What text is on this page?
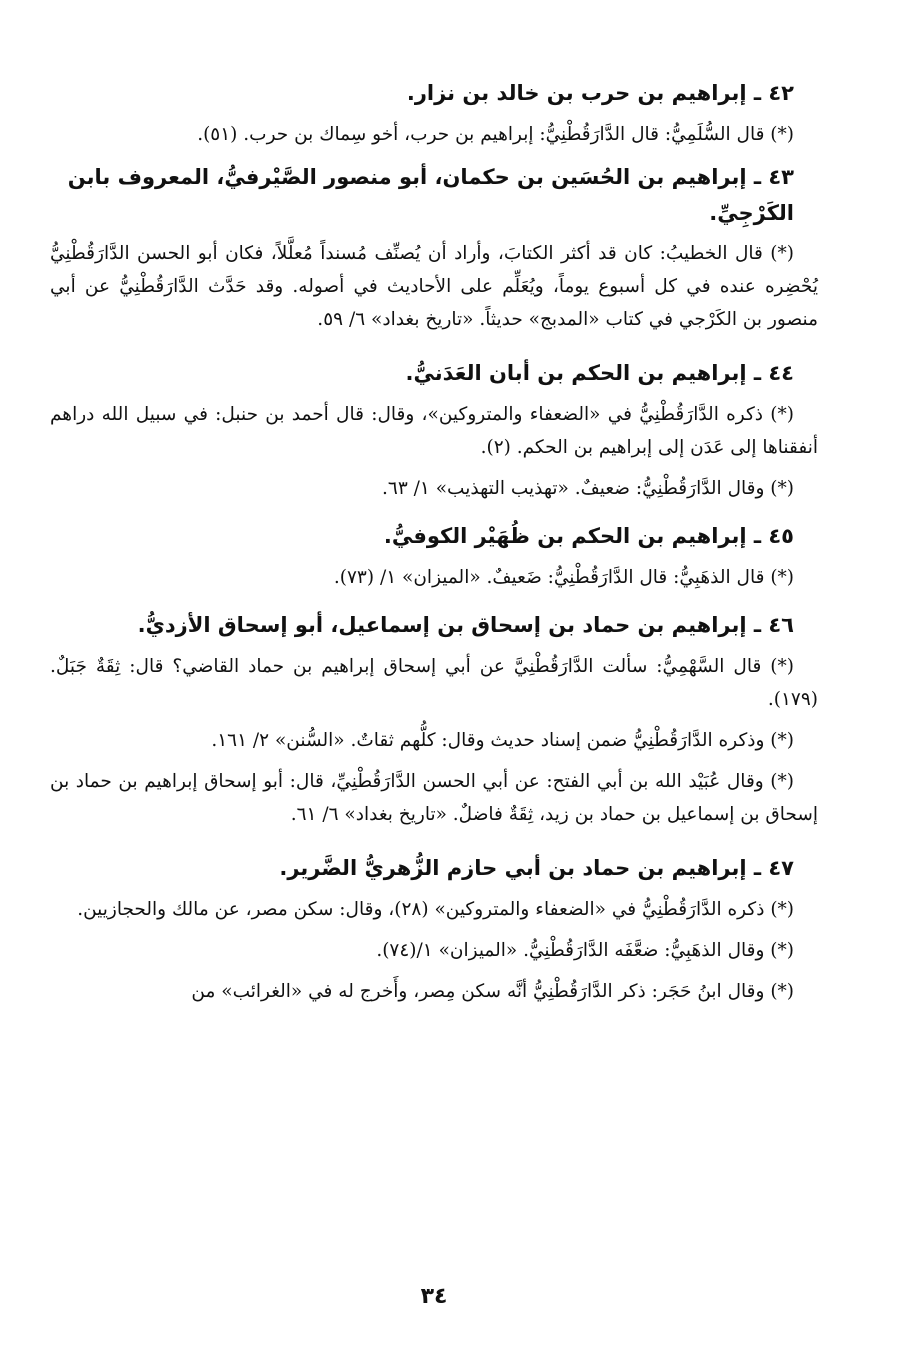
٤٢ ـ إبراهيم بن حرب بن خالد بن نزار.

(*) قال السُّلَمِيُّ: قال الدَّارَقُطْنِيُّ: إبراهيم بن حرب، أخو سِماك بن حرب. (٥١).

٤٣ ـ إبراهيم بن الحُسَين بن حكمان، أبو منصور الصَّيْرفيُّ، المعروف بابن الكَرْجِيِّ.

(*) قال الخطيبُ: كان قد أكثر الكتابَ، وأراد أن يُصنِّف مُسنداً مُعلَّلاً، فكان أبو الحسن الدَّارَقُطْنِيُّ يُحْضِره عنده في كل أسبوع يوماً، ويُعَلِّم على الأحاديث في أصوله. وقد حَدَّث الدَّارَقُطْنِيُّ عن أبي منصور بن الكَرْجي في كتاب «المدبج» حديثاً. «تاريخ بغداد» ٦/ ٥٩.

٤٤ ـ إبراهيم بن الحكم بن أبان العَدَنيُّ.

(*) ذكره الدَّارَقُطْنِيُّ في «الضعفاء والمتروكين»، وقال: قال أحمد بن حنبل: في سبيل الله دراهم أنفقناها إلى عَدَن إلى إبراهيم بن الحكم. (٢).

(*) وقال الدَّارَقُطْنِيُّ: ضعيفٌ. «تهذيب التهذيب» ١/ ٦٣.

٤٥ ـ إبراهيم بن الحكم بن ظُهَيْر الكوفيُّ.

(*) قال الذهَبِيُّ: قال الدَّارَقُطْنِيُّ: ضَعيفٌ. «الميزان» ١/ (٧٣).

٤٦ ـ إبراهيم بن حماد بن إسحاق بن إسماعيل، أبو إسحاق الأزديُّ.

(*) قال السَّهْمِيُّ: سألت الدَّارَقُطْنِيَّ عن أبي إسحاق إبراهيم بن حماد القاضي؟ قال: ثِقَةٌ جَبَلٌ. (١٧٩).

(*) وذكره الدَّارَقُطْنِيُّ ضمن إسناد حديث وقال: كلُّهم ثقاتٌ. «السُّنن» ٢/ ١٦١.

(*) وقال عُبَيْد الله بن أبي الفتح: عن أبي الحسن الدَّارَقُطْنِيِّ، قال: أبو إسحاق إبراهيم بن حماد بن إسحاق بن إسماعيل بن حماد بن زيد، ثِقَةٌ فاضلٌ. «تاريخ بغداد» ٦/ ٦١.

٤٧ ـ إبراهيم بن حماد بن أبي حازم الزُّهريُّ الضَّرير.

(*) ذكره الدَّارَقُطْنِيُّ في «الضعفاء والمتروكين» (٢٨)، وقال: سكن مصر، عن مالك والحجازيين.

(*) وقال الذهَبِيُّ: ضعَّفَه الدَّارَقُطْنِيُّ. «الميزان» ١/(٧٤).

(*) وقال ابنُ حَجَر: ذكر الدَّارَقُطْنِيُّ أنَّه سكن مِصر، وأَخرج له في «الغرائب» من

٣٤
